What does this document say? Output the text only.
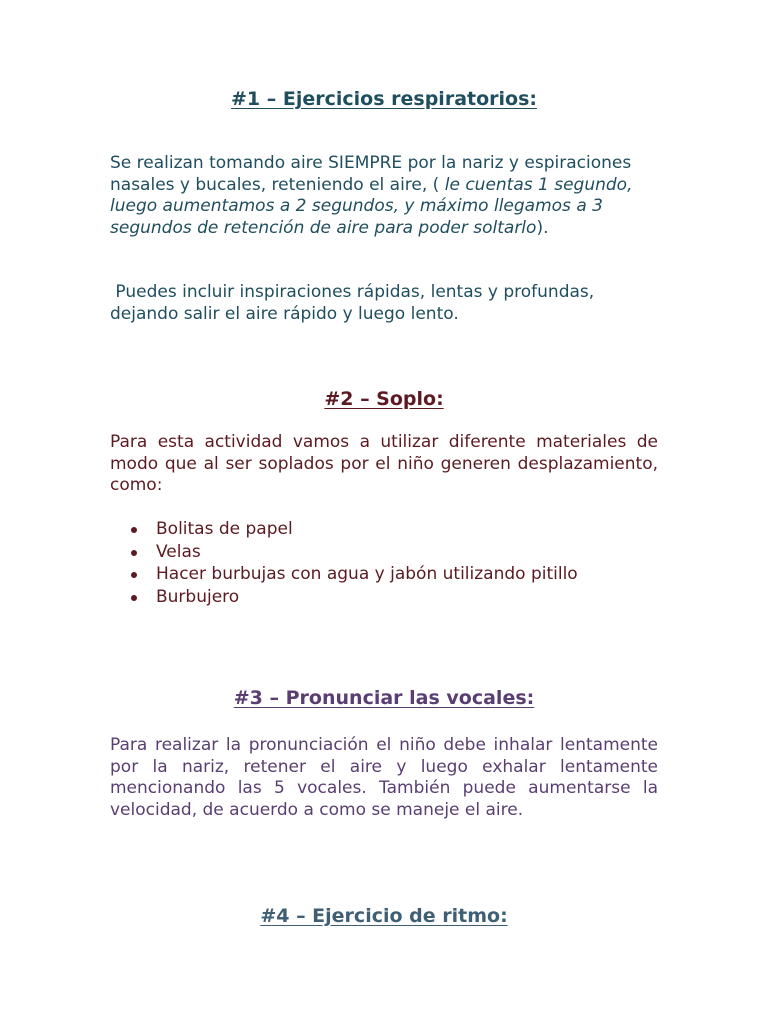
#1 – Ejercicios respiratorios:

Se realizan tomando aire SIEMPRE por la nariz y espiraciones nasales y bucales, reteniendo el aire, ( le cuentas 1 segundo, luego aumentamos a 2 segundos, y máximo llegamos a 3 segundos de retención de aire para poder soltarlo).

Puedes incluir inspiraciones rápidas, lentas y profundas, dejando salir el aire rápido y luego lento.

#2 – Soplo:

Para esta actividad vamos a utilizar diferente materiales de modo que al ser soplados por el niño generen desplazamiento, como:

Bolitas de papel
Velas
Hacer burbujas con agua y jabón utilizando pitillo
Burbujero
#3 – Pronunciar las vocales:

Para realizar la pronunciación el niño debe inhalar lentamente por la nariz, retener el aire y luego exhalar lentamente mencionando las 5 vocales. También puede aumentarse la velocidad, de acuerdo a como se maneje el aire.

#4 – Ejercicio de ritmo:
